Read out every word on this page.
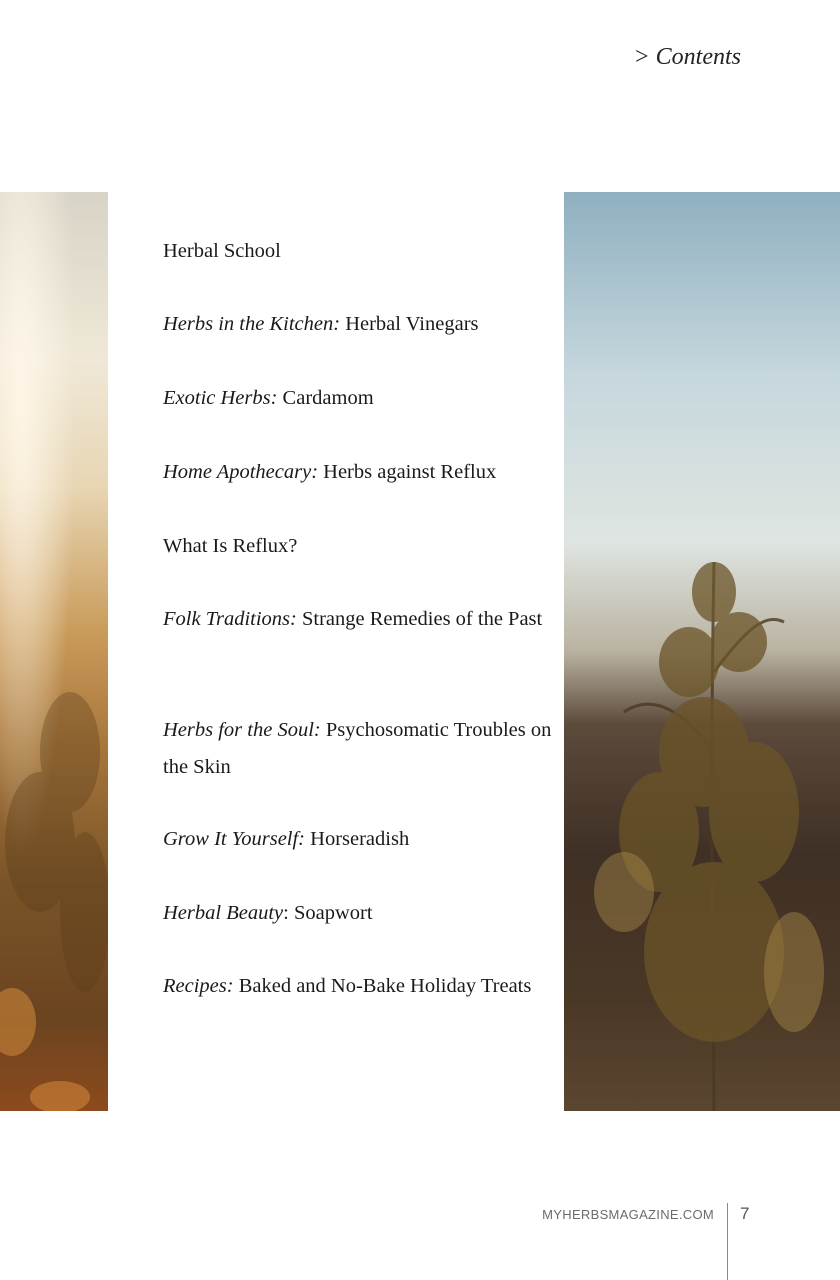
> Contents
Herbal School
Herbs in the Kitchen: Herbal Vinegars
Exotic Herbs: Cardamom
Home Apothecary: Herbs against Reflux
What Is Reflux?
Folk Traditions: Strange Remedies of the Past
Herbs for the Soul: Psychosomatic Troubles on the Skin
Grow It Yourself: Horseradish
Herbal Beauty: Soapwort
Recipes: Baked and No-Bake Holiday Treats
MYHERBSMAGAZINE.COM 7
